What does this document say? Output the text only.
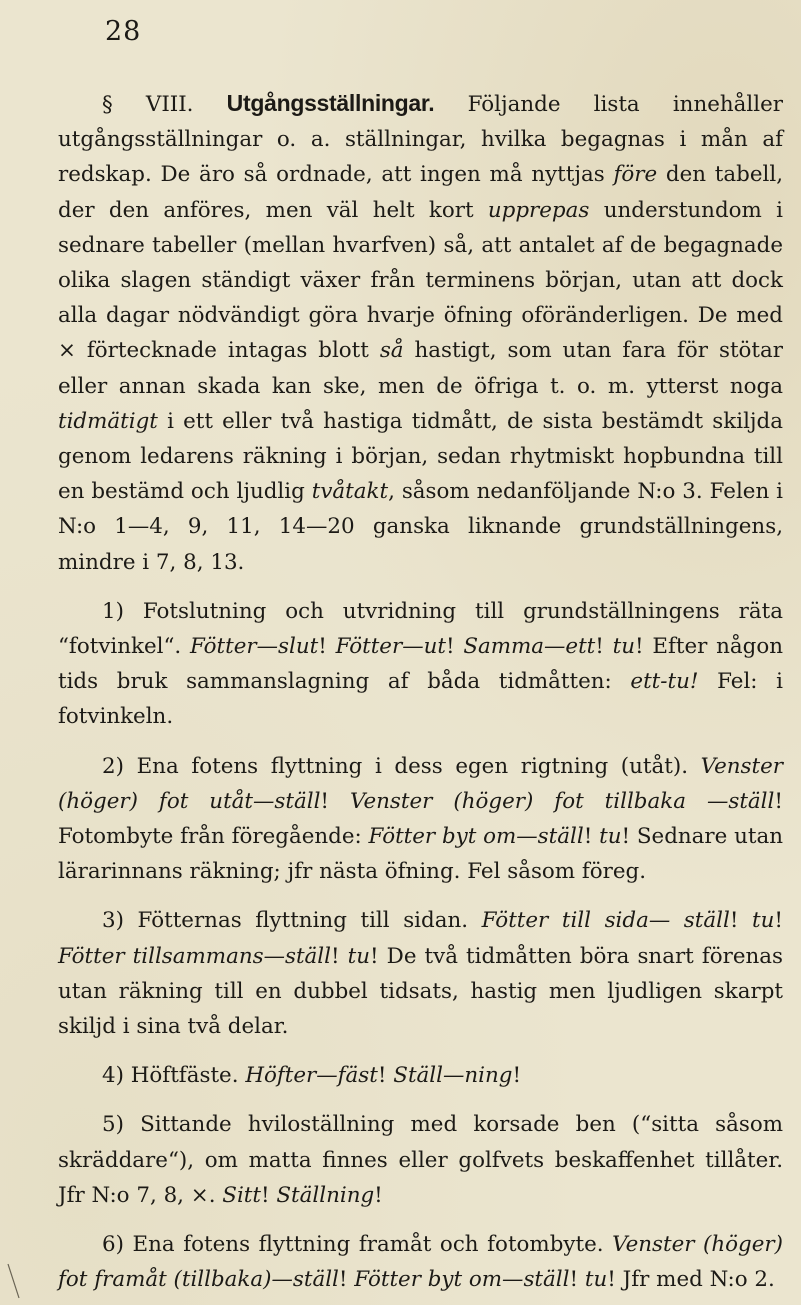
28

§ VIII. Utgångsställningar. Följande lista innehåller utgångsställningar o. a. ställningar, hvilka begagnas i mån af redskap. De äro så ordnade, att ingen må nyttjas före den tabell, der den anföres, men väl helt kort upprepas understundom i sednare tabeller (mellan hvarfven) så, att antalet af de begagnade olika slagen ständigt växer från terminens början, utan att dock alla dagar nödvändigt göra hvarje öfning oföränderligen. De med × förtecknade intagas blott så hastigt, som utan fara för stötar eller annan skada kan ske, men de öfriga t. o. m. ytterst noga tidmätigt i ett eller två hastiga tidmått, de sista bestämdt skiljda genom ledarens räkning i början, sedan rhytmiskt hopbundna till en bestämd och ljudlig tvåtakt, såsom nedanföljande N:o 3. Felen i N:o 1—4, 9, 11, 14—20 ganska liknande grundställningens, mindre i 7, 8, 13.

1) Fotslutning och utvridning till grundställningens räta “fotvinkel“. Fötter—slut! Fötter—ut! Samma—ett! tu! Efter någon tids bruk sammanslagning af båda tidmåtten: ett-tu! Fel: i fotvinkeln.

2) Ena fotens flyttning i dess egen rigtning (utåt). Venster (höger) fot utåt—ställ! Venster (höger) fot tillbaka —ställ! Fotombyte från föregående: Fötter byt om—ställ! tu! Sednare utan lärarinnans räkning; jfr nästa öfning. Fel såsom föreg.

3) Fötternas flyttning till sidan. Fötter till sida— ställ! tu! Fötter tillsammans—ställ! tu! De två tidmåtten böra snart förenas utan räkning till en dubbel tidsats, hastig men ljudligen skarpt skiljd i sina två delar.

4) Höftfäste. Höfter—fäst! Ställ—ning!

5) Sittande hviloställning med korsade ben (“sitta såsom skräddare“), om matta finnes eller golfvets beskaffenhet tillåter. Jfr N:o 7, 8, ×. Sitt! Ställning!

6) Ena fotens flyttning framåt och fotombyte. Venster (höger) fot framåt (tillbaka)—ställ! Fötter byt om—ställ! tu! Jfr med N:o 2.
